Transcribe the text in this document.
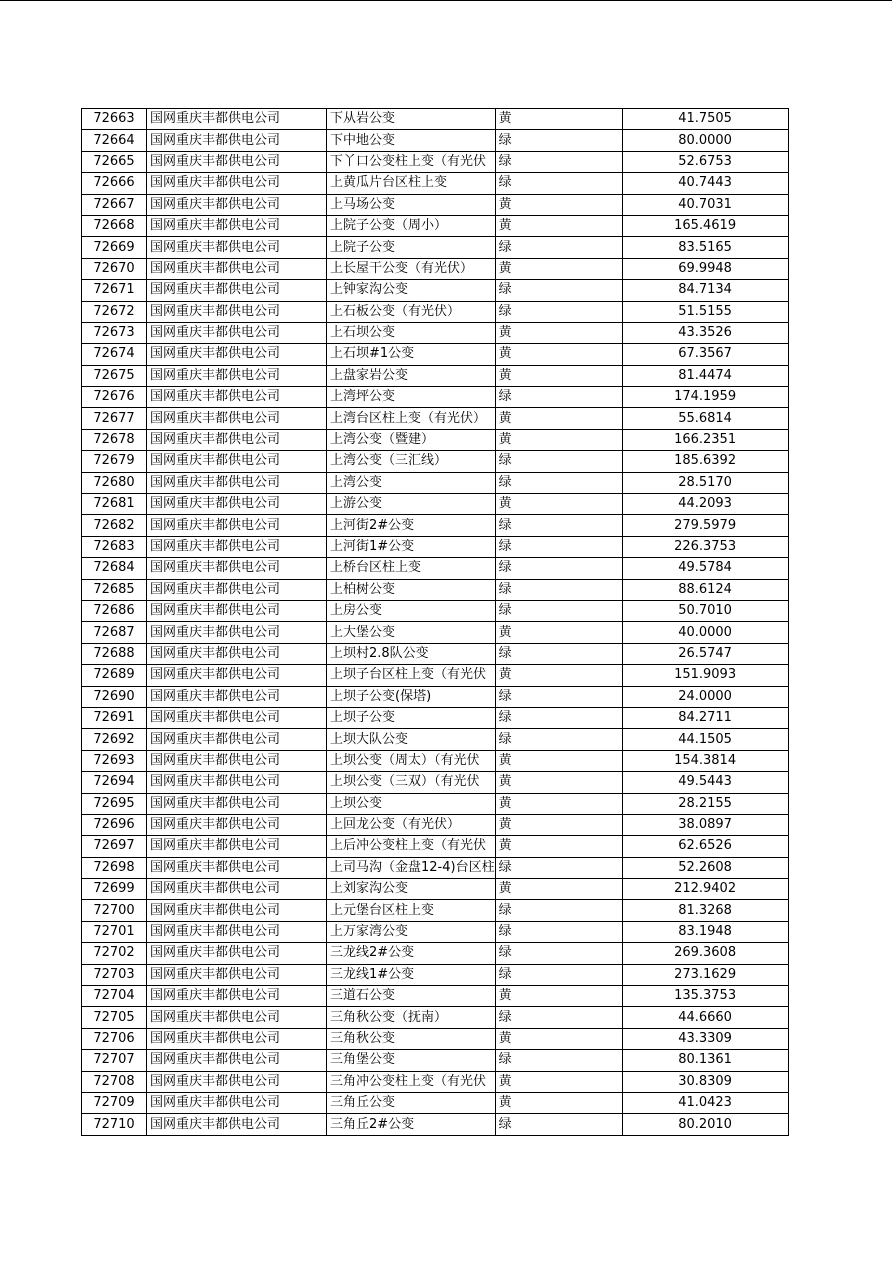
72663	国网重庆丰都供电公司	下从岩公变	黄	41.7505
72664	国网重庆丰都供电公司	下中地公变	绿	80.0000
72665	国网重庆丰都供电公司	下丫口公变柱上变（有光伏	绿	52.6753
72666	国网重庆丰都供电公司	上黄瓜片台区柱上变	绿	40.7443
72667	国网重庆丰都供电公司	上马场公变	黄	40.7031
72668	国网重庆丰都供电公司	上院子公变（周小）	黄	165.4619
72669	国网重庆丰都供电公司	上院子公变	绿	83.5165
72670	国网重庆丰都供电公司	上长屋干公变（有光伏）	黄	69.9948
72671	国网重庆丰都供电公司	上钟家沟公变	绿	84.7134
72672	国网重庆丰都供电公司	上石板公变（有光伏）	绿	51.5155
72673	国网重庆丰都供电公司	上石坝公变	黄	43.3526
72674	国网重庆丰都供电公司	上石坝#1公变	黄	67.3567
72675	国网重庆丰都供电公司	上盘家岩公变	黄	81.4474
72676	国网重庆丰都供电公司	上湾坪公变	绿	174.1959
72677	国网重庆丰都供电公司	上湾台区柱上变（有光伏）	黄	55.6814
72678	国网重庆丰都供电公司	上湾公变（暨建）	黄	166.2351
72679	国网重庆丰都供电公司	上湾公变（三汇线）	绿	185.6392
72680	国网重庆丰都供电公司	上湾公变	绿	28.5170
72681	国网重庆丰都供电公司	上游公变	黄	44.2093
72682	国网重庆丰都供电公司	上河街2#公变	绿	279.5979
72683	国网重庆丰都供电公司	上河街1#公变	绿	226.3753
72684	国网重庆丰都供电公司	上桥台区柱上变	绿	49.5784
72685	国网重庆丰都供电公司	上柏树公变	绿	88.6124
72686	国网重庆丰都供电公司	上房公变	绿	50.7010
72687	国网重庆丰都供电公司	上大堡公变	黄	40.0000
72688	国网重庆丰都供电公司	上坝村2.8队公变	绿	26.5747
72689	国网重庆丰都供电公司	上坝子台区柱上变（有光伏	黄	151.9093
72690	国网重庆丰都供电公司	上坝子公变(保塔)	绿	24.0000
72691	国网重庆丰都供电公司	上坝子公变	绿	84.2711
72692	国网重庆丰都供电公司	上坝大队公变	绿	44.1505
72693	国网重庆丰都供电公司	上坝公变（周太）（有光伏	黄	154.3814
72694	国网重庆丰都供电公司	上坝公变（三双）（有光伏	黄	49.5443
72695	国网重庆丰都供电公司	上坝公变	黄	28.2155
72696	国网重庆丰都供电公司	上回龙公变（有光伏）	黄	38.0897
72697	国网重庆丰都供电公司	上后冲公变柱上变（有光伏	黄	62.6526
72698	国网重庆丰都供电公司	上司马沟（金盘12-4)台区柱	绿	52.2608
72699	国网重庆丰都供电公司	上刘家沟公变	黄	212.9402
72700	国网重庆丰都供电公司	上元堡台区柱上变	绿	81.3268
72701	国网重庆丰都供电公司	上万家湾公变	绿	83.1948
72702	国网重庆丰都供电公司	三龙线2#公变	绿	269.3608
72703	国网重庆丰都供电公司	三龙线1#公变	绿	273.1629
72704	国网重庆丰都供电公司	三道石公变	黄	135.3753
72705	国网重庆丰都供电公司	三角秋公变（抚南）	绿	44.6660
72706	国网重庆丰都供电公司	三角秋公变	黄	43.3309
72707	国网重庆丰都供电公司	三角堡公变	绿	80.1361
72708	国网重庆丰都供电公司	三角冲公变柱上变（有光伏	黄	30.8309
72709	国网重庆丰都供电公司	三角丘公变	黄	41.0423
72710	国网重庆丰都供电公司	三角丘2#公变	绿	80.2010
